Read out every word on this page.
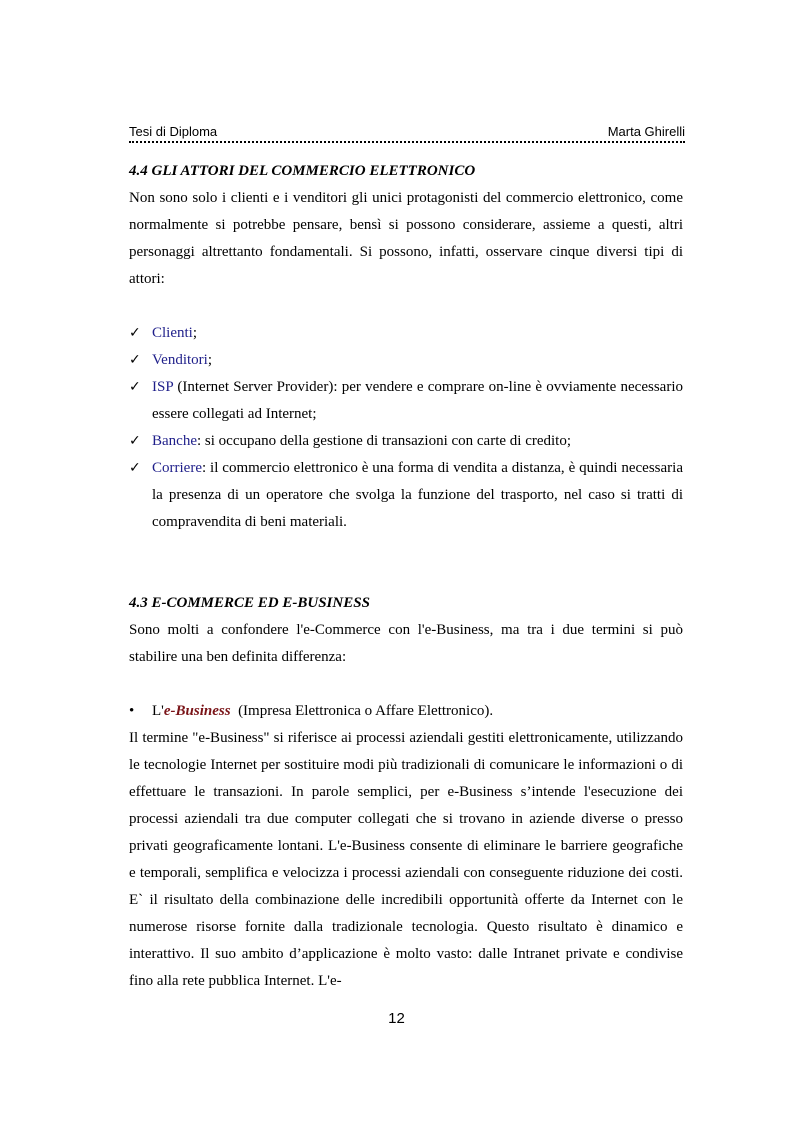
Tesi di Diploma	Marta Ghirelli

4.4 GLI ATTORI DEL COMMERCIO ELETTRONICO

Non sono solo i clienti e i venditori gli unici protagonisti del commercio elettronico, come normalmente si potrebbe pensare, bensì si possono considerare, assieme a questi, altri personaggi altrettanto fondamentali. Si possono, infatti, osservare cinque diversi tipi di attori:

✓ Clienti;
✓ Venditori;
✓ ISP (Internet Server Provider): per vendere e comprare on-line è ovviamente necessario essere collegati ad Internet;
✓ Banche: si occupano della gestione di transazioni con carte di credito;
✓ Corriere: il commercio elettronico è una forma di vendita a distanza, è quindi necessaria la presenza di un operatore che svolga la funzione del trasporto, nel caso si tratti di compravendita di beni materiali.

4.3 E-COMMERCE ED E-BUSINESS

Sono molti a confondere l'e-Commerce con l'e-Business, ma tra i due termini si può stabilire una ben definita differenza:

• L'e-Business  (Impresa Elettronica o Affare Elettronico).

Il termine "e-Business" si riferisce ai processi aziendali gestiti elettronicamente, utilizzando le tecnologie Internet per sostituire modi più tradizionali di comunicare le informazioni o di effettuare le transazioni. In parole semplici, per e-Business s’intende l'esecuzione dei processi aziendali tra due computer collegati che si trovano in aziende diverse o presso privati geograficamente lontani. L'e-Business consente di eliminare le barriere geografiche e temporali, semplifica e velocizza i processi aziendali con conseguente riduzione dei costi. E` il risultato della combinazione delle incredibili opportunità offerte da Internet con le numerose risorse fornite dalla tradizionale tecnologia. Questo risultato è dinamico e interattivo. Il suo ambito d’applicazione è molto vasto: dalle Intranet private e condivise fino alla rete pubblica Internet. L'e-

12
